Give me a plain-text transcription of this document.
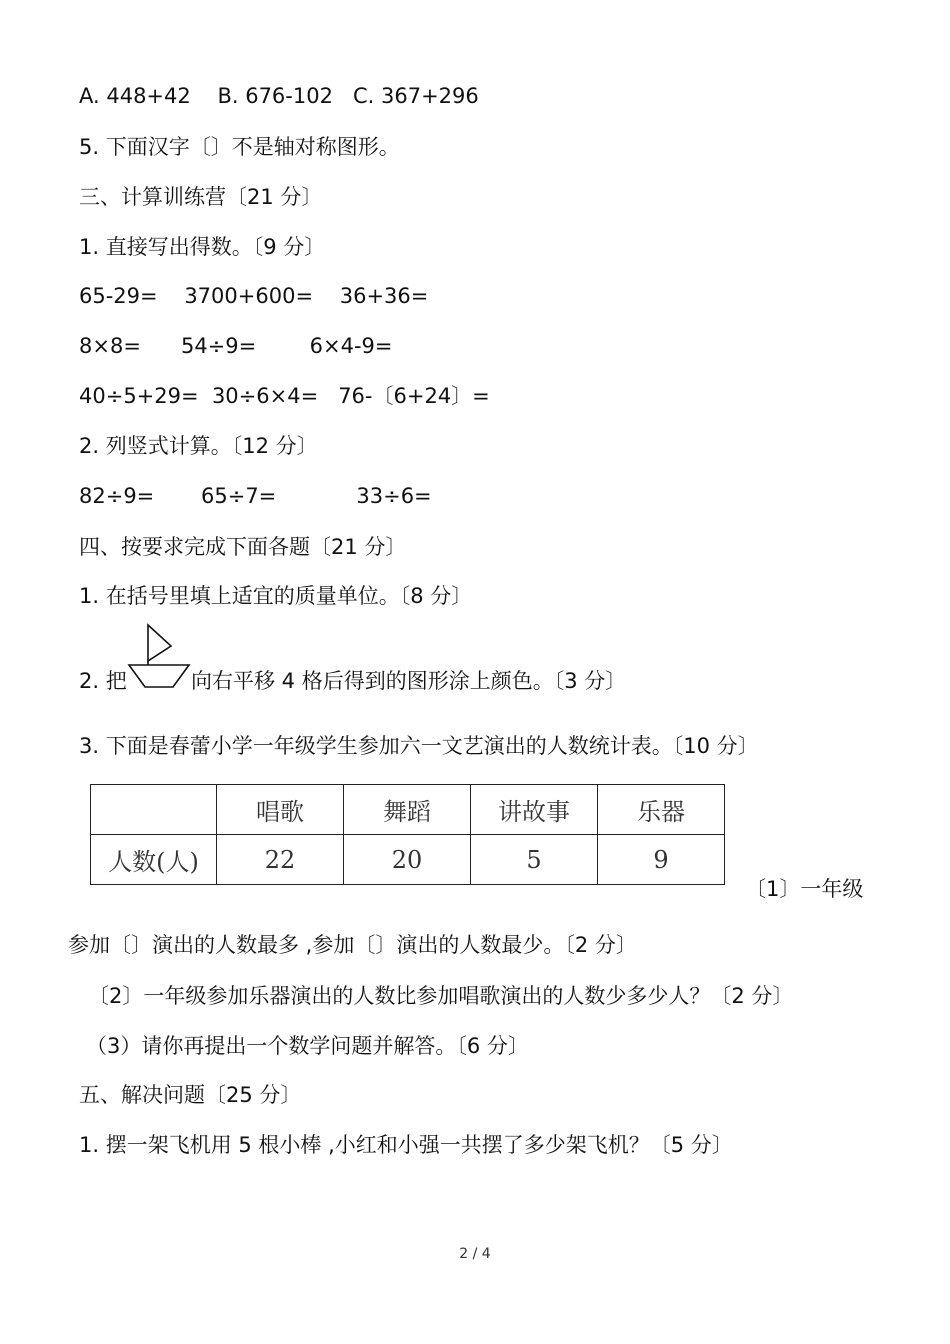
A. 448+42    B. 676-102   C. 367+296
5. 下面汉字〔〕不是轴对称图形。
三、计算训练营〔21 分〕
1. 直接写出得数。〔9 分〕
65-29=    3700+600=    36+36=
8×8=      54÷9=        6×4-9=
40÷5+29=  30÷6×4=   76-〔6+24〕=
2. 列竖式计算。〔12 分〕
82÷9=       65÷7=            33÷6=
四、按要求完成下面各题〔21 分〕
1. 在括号里填上适宜的质量单位。〔8 分〕
2. 把	向右平移 4 格后得到的图形涂上颜色。〔3 分〕
3. 下面是春蕾小学一年级学生参加六一文艺演出的人数统计表。〔10 分〕
	唱歌	舞蹈	讲故事	乐器
人数(人)	22	20	5	9
〔1〕一年级
参加〔〕演出的人数最多 ,参加〔〕演出的人数最少。〔2 分〕
〔2〕一年级参加乐器演出的人数比参加唱歌演出的人数少多少人？〔2 分〕
（3）请你再提出一个数学问题并解答。〔6 分〕
五、解决问题〔25 分〕
1. 摆一架飞机用 5 根小棒 ,小红和小强一共摆了多少架飞机？〔5 分〕
2 / 4
